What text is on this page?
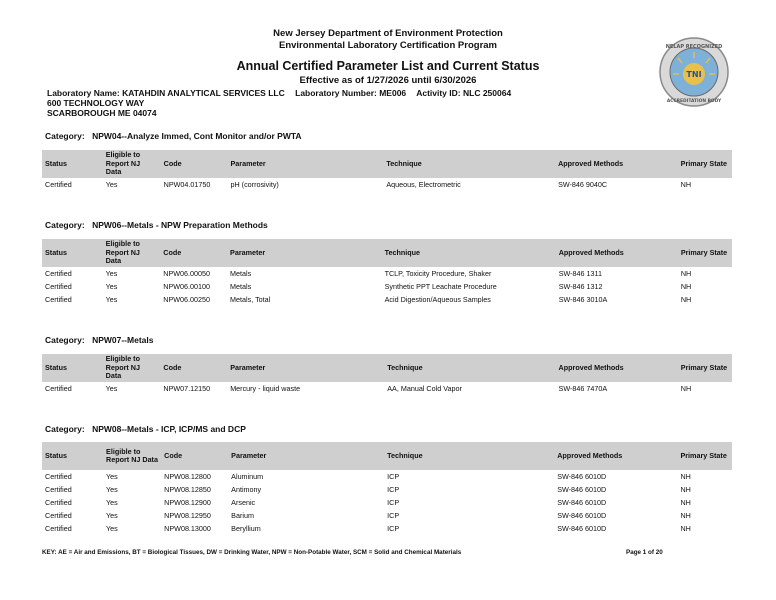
New Jersey Department of Environment Protection
Environmental Laboratory Certification Program
Annual Certified Parameter List and Current Status
Effective as of 1/27/2026 until 6/30/2026
TNI
NELAP RECOGNIZED
ACCREDITATION BODY
Laboratory Name: KATAHDIN ANALYTICAL SERVICES LLC Laboratory Number: ME006 Activity ID: NLC 250064
600 TECHNOLOGY WAY
SCARBOROUGH ME 04074
Category: NPW04--Analyze Immed, Cont Monitor and/or PWTA
Status	Eligible to Report NJ Data	Code	Parameter	Technique	Approved Methods	Primary State
Certified	Yes	NPW04.01750	pH (corrosivity)	Aqueous, Electrometric	SW-846 9040C	NH
Category: NPW06--Metals - NPW Preparation Methods
Status	Eligible to Report NJ Data	Code	Parameter	Technique	Approved Methods	Primary State
Certified	Yes	NPW06.00050	Metals	TCLP, Toxicity Procedure, Shaker	SW-846 1311	NH
Certified	Yes	NPW06.00100	Metals	Synthetic PPT Leachate Procedure	SW-846 1312	NH
Certified	Yes	NPW06.00250	Metals, Total	Acid Digestion/Aqueous Samples	SW-846 3010A	NH
Category: NPW07--Metals
Status	Eligible to Report NJ Data	Code	Parameter	Technique	Approved Methods	Primary State
Certified	Yes	NPW07.12150	Mercury - liquid waste	AA, Manual Cold Vapor	SW-846 7470A	NH
Category: NPW08--Metals - ICP, ICP/MS and DCP
Status	Eligible to Report NJ Data	Code	Parameter	Technique	Approved Methods	Primary State
Certified	Yes	NPW08.12800	Aluminum	ICP	SW-846 6010D	NH
Certified	Yes	NPW08.12850	Antimony	ICP	SW-846 6010D	NH
Certified	Yes	NPW08.12900	Arsenic	ICP	SW-846 6010D	NH
Certified	Yes	NPW08.12950	Barium	ICP	SW-846 6010D	NH
Certified	Yes	NPW08.13000	Beryllium	ICP	SW-846 6010D	NH
KEY: AE = Air and Emissions, BT = Biological Tissues, DW = Drinking Water, NPW = Non-Potable Water, SCM = Solid and Chemical Materials	Page 1 of 20
